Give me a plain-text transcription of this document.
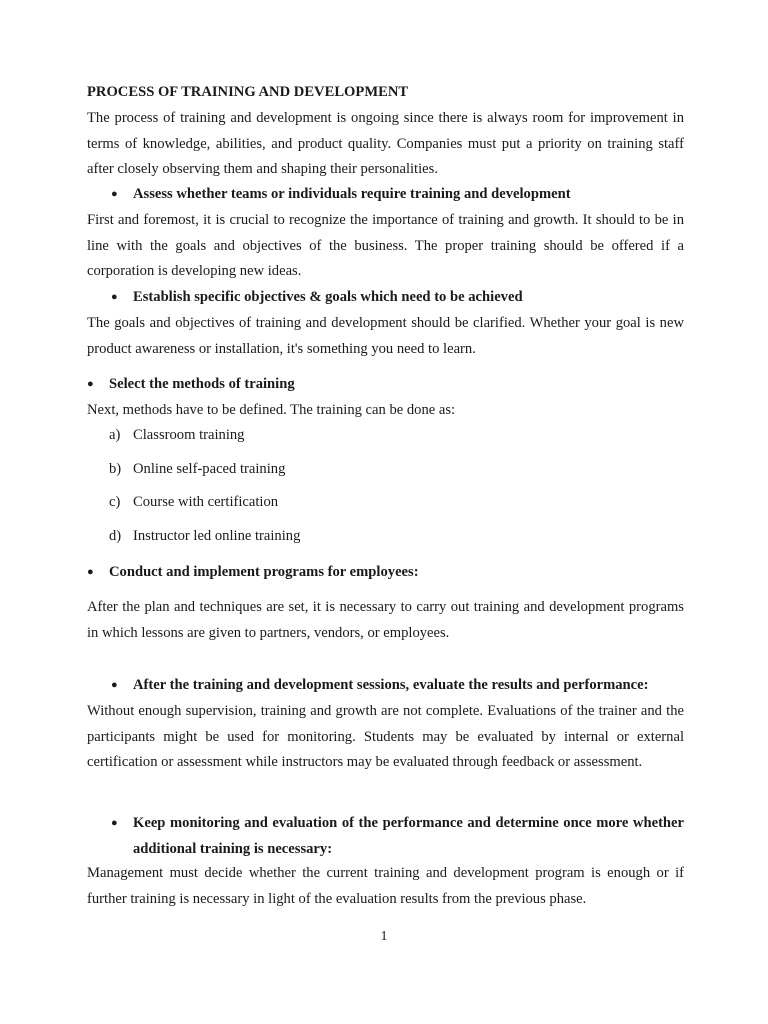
PROCESS OF TRAINING AND DEVELOPMENT
The process of training and development is ongoing since there is always room for improvement in terms of knowledge, abilities, and product quality. Companies must put a priority on training staff after closely observing them and shaping their personalities.
● Assess whether teams or individuals require training and development
First and foremost, it is crucial to recognize the importance of training and growth. It should to be in line with the goals and objectives of the business. The proper training should be offered if a corporation is developing new ideas.
● Establish specific objectives & goals which need to be achieved
The goals and objectives of training and development should be clarified. Whether your goal is new product awareness or installation, it's something you need to learn.
● Select the methods of training
Next, methods have to be defined. The training can be done as:
a) Classroom training
b) Online self-paced training
c) Course with certification
d) Instructor led online training
● Conduct and implement programs for employees:
After the plan and techniques are set, it is necessary to carry out training and development programs in which lessons are given to partners, vendors, or employees.
● After the training and development sessions, evaluate the results and performance:
Without enough supervision, training and growth are not complete. Evaluations of the trainer and the participants might be used for monitoring. Students may be evaluated by internal or external certification or assessment while instructors may be evaluated through feedback or assessment.
● Keep monitoring and evaluation of the performance and determine once more whether additional training is necessary:
Management must decide whether the current training and development program is enough or if further training is necessary in light of the evaluation results from the previous phase.
1
